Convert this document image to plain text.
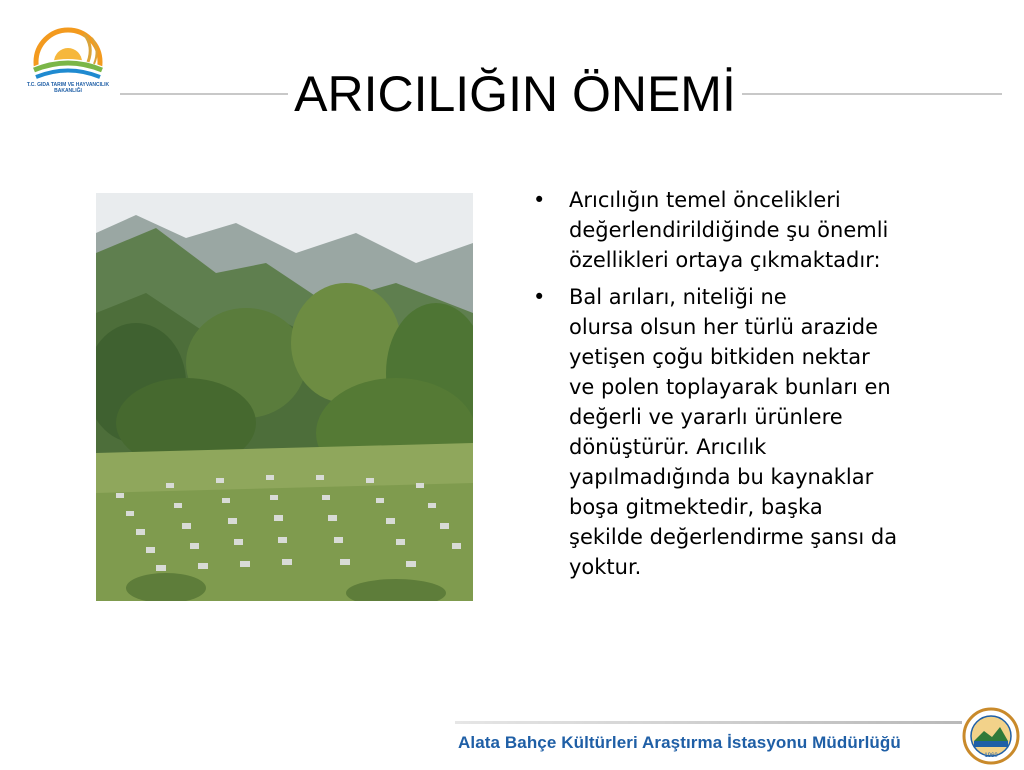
T.C. GIDA TARIM VE HAYVANCILIK BAKANLIĞI	ARICILIĞIN ÖNEMİ
• Arıcılığın temel öncelikleri
değerlendirildiğinde şu önemli
özellikleri ortaya çıkmaktadır:
• Bal arıları, niteliği ne
olursa olsun her türlü arazide
yetişen çoğu bitkiden nektar
ve polen toplayarak bunları en
değerli ve yararlı ürünlere
dönüştürür. Arıcılık
yapılmadığında bu kaynaklar
boşa gitmektedir, başka
şekilde değerlendirme şansı da
yoktur.
Alata Bahçe Kültürleri Araştırma İstasyonu Müdürlüğü
1960
